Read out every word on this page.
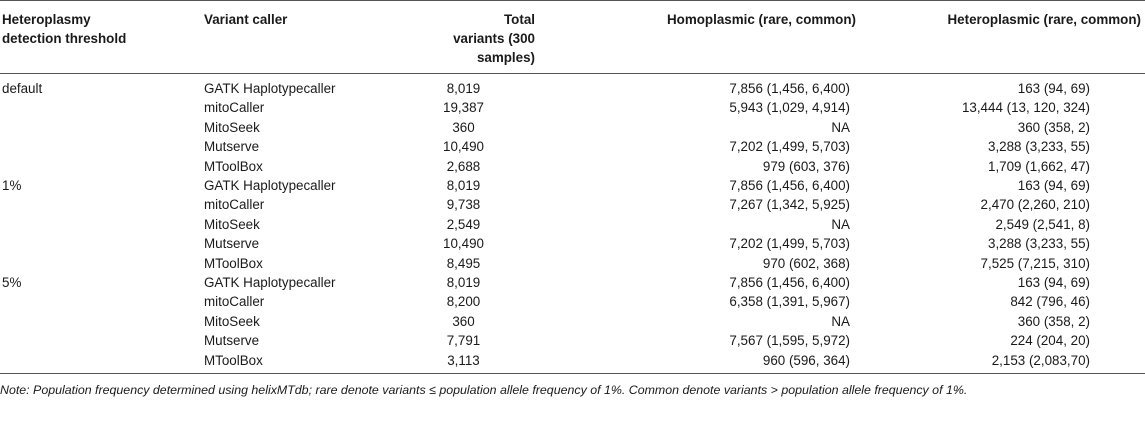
Heteroplasmy
detection threshold	Variant caller	Total
variants (300 samples)	Homoplasmic (rare, common)	Heteroplasmic (rare, common)
default	GATK Haplotypecaller	8,019	7,856 (1,456, 6,400)	163 (94, 69)
	mitoCaller	19,387	5,943 (1,029, 4,914)	13,444 (13, 120, 324)
	MitoSeek	360	NA	360 (358, 2)
	Mutserve	10,490	7,202 (1,499, 5,703)	3,288 (3,233, 55)
	MToolBox	2,688	979 (603, 376)	1,709 (1,662, 47)
1%	GATK Haplotypecaller	8,019	7,856 (1,456, 6,400)	163 (94, 69)
	mitoCaller	9,738	7,267 (1,342, 5,925)	2,470 (2,260, 210)
	MitoSeek	2,549	NA	2,549 (2,541, 8)
	Mutserve	10,490	7,202 (1,499, 5,703)	3,288 (3,233, 55)
	MToolBox	8,495	970 (602, 368)	7,525 (7,215, 310)
5%	GATK Haplotypecaller	8,019	7,856 (1,456, 6,400)	163 (94, 69)
	mitoCaller	8,200	6,358 (1,391, 5,967)	842 (796, 46)
	MitoSeek	360	NA	360 (358, 2)
	Mutserve	7,791	7,567 (1,595, 5,972)	224 (204, 20)
	MToolBox	3,113	960 (596, 364)	2,153 (2,083,70)
Note: Population frequency determined using helixMTdb; rare denote variants ≤ population allele frequency of 1%. Common denote variants > population allele frequency of 1%.
